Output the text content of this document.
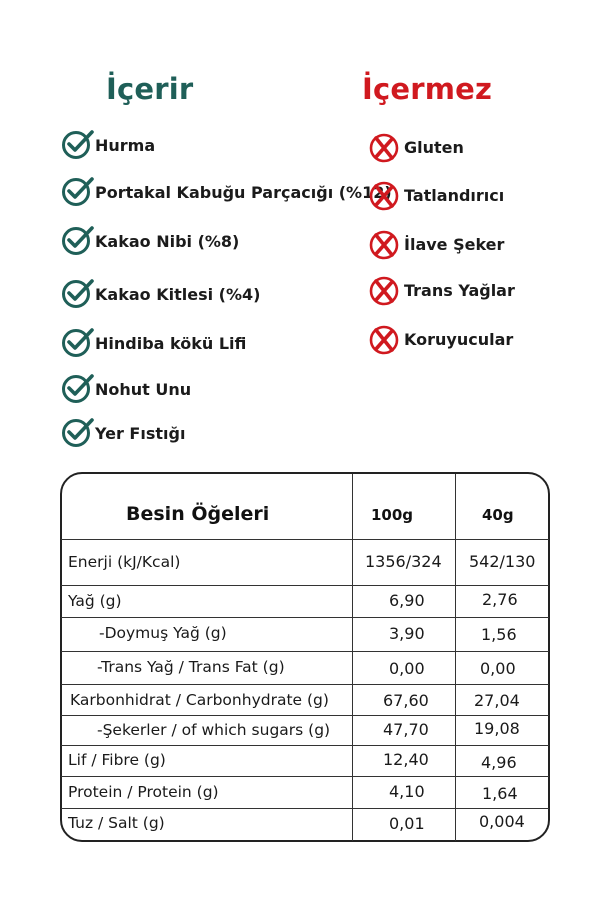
İçerir	İçermez
Hurma
Portakal Kabuğu Parçacığı (%12)
Kakao Nibi (%8)
Kakao Kitlesi (%4)
Hindiba kökü Lifi
Nohut Unu
Yer Fıstığı
Gluten
Tatlandırıcı
İlave Şeker
Trans Yağlar
Koruyucular
Besin Öğeleri	100g	40g
Enerji (kJ/Kcal)	1356/324 542/130
Yağ (g)	6,90	2,76
-Doymuş Yağ (g)	3,90	1,56
-Trans Yağ / Trans Fat (g)	0,00	0,00
Karbonhidrat / Carbonhydrate (g)	67,60	27,04
-Şekerler / of which sugars (g)	47,70	19,08
Lif / Fibre (g)	12,40	4,96
Protein / Protein (g)	4,10	1,64
Tuz / Salt (g)	0,01	0,004
